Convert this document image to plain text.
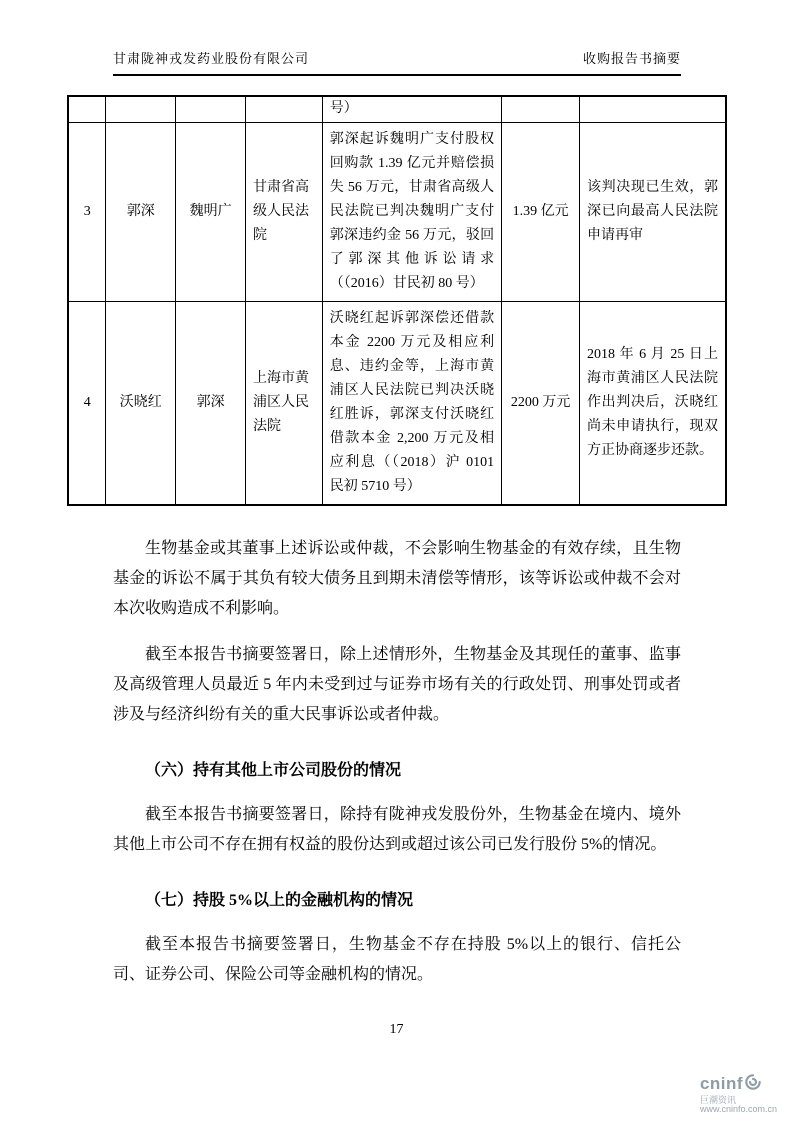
甘肃陇神戎发药业股份有限公司	收购报告书摘要
				号）		
3	郭深	魏明广	甘肃省高级人民法院	郭深起诉魏明广支付股权回购款 1.39 亿元并赔偿损失 56 万元，甘肃省高级人民法院已判决魏明广支付郭深违约金 56 万元，驳回了郭深其他诉讼请求（（2016）甘民初 80 号）	1.39 亿元	该判决现已生效，郭深已向最高人民法院申请再审
4	沃晓红	郭深	上海市黄浦区人民法院	沃晓红起诉郭深偿还借款本金 2200 万元及相应利息、违约金等，上海市黄浦区人民法院已判决沃晓红胜诉，郭深支付沃晓红借款本金 2,200 万元及相应利息（（2018）沪 0101 民初 5710 号）	2200 万元	2018 年 6 月 25 日上海市黄浦区人民法院作出判决后，沃晓红尚未申请执行，现双方正协商逐步还款。

生物基金或其董事上述诉讼或仲裁，不会影响生物基金的有效存续，且生物基金的诉讼不属于其负有较大债务且到期未清偿等情形，该等诉讼或仲裁不会对本次收购造成不利影响。

截至本报告书摘要签署日，除上述情形外，生物基金及其现任的董事、监事及高级管理人员最近 5 年内未受到过与证券市场有关的行政处罚、刑事处罚或者涉及与经济纠纷有关的重大民事诉讼或者仲裁。

（六）持有其他上市公司股份的情况

截至本报告书摘要签署日，除持有陇神戎发股份外，生物基金在境内、境外其他上市公司不存在拥有权益的股份达到或超过该公司已发行股份 5%的情况。

（七）持股 5%以上的金融机构的情况

截至本报告书摘要签署日，生物基金不存在持股 5%以上的银行、信托公司、证券公司、保险公司等金融机构的情况。

17
cninf
巨潮资讯
www.cninfo.com.cn
